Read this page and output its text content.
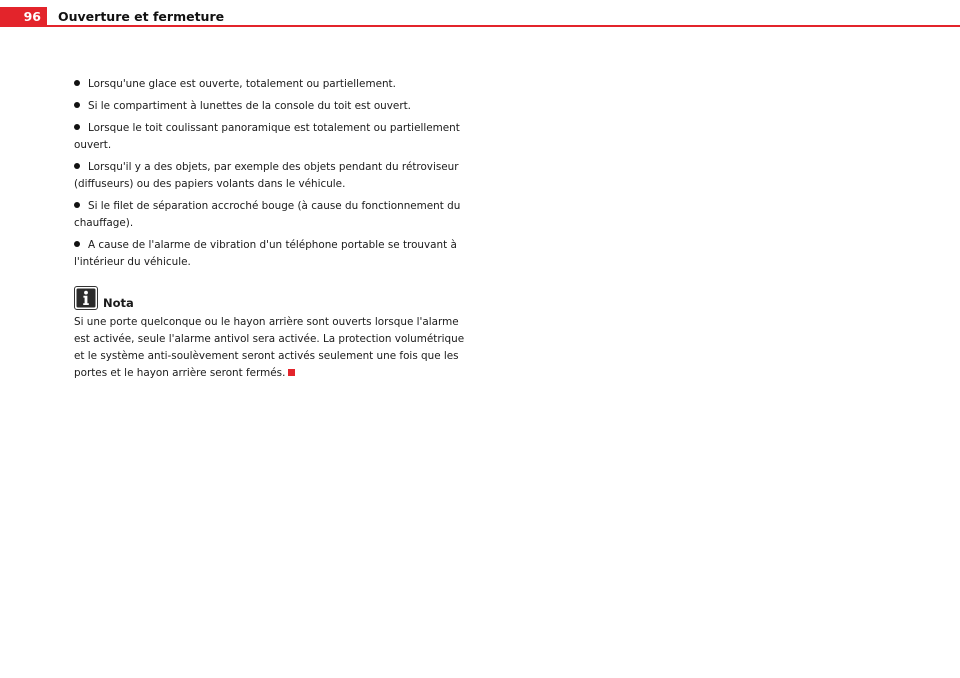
96	Ouverture et fermeture
Lorsqu'une glace est ouverte, totalement ou partiellement.
Si le compartiment à lunettes de la console du toit est ouvert.
Lorsque le toit coulissant panoramique est totalement ou partiellement ouvert.
Lorsqu'il y a des objets, par exemple des objets pendant du rétroviseur (diffuseurs) ou des papiers volants dans le véhicule.
Si le filet de séparation accroché bouge (à cause du fonctionnement du chauffage).
A cause de l'alarme de vibration d'un téléphone portable se trouvant à l'intérieur du véhicule.
Nota
Si une porte quelconque ou le hayon arrière sont ouverts lorsque l'alarme est activée, seule l'alarme antivol sera activée. La protection volumétrique et le système anti-soulèvement seront activés seulement une fois que les portes et le hayon arrière seront fermés.
